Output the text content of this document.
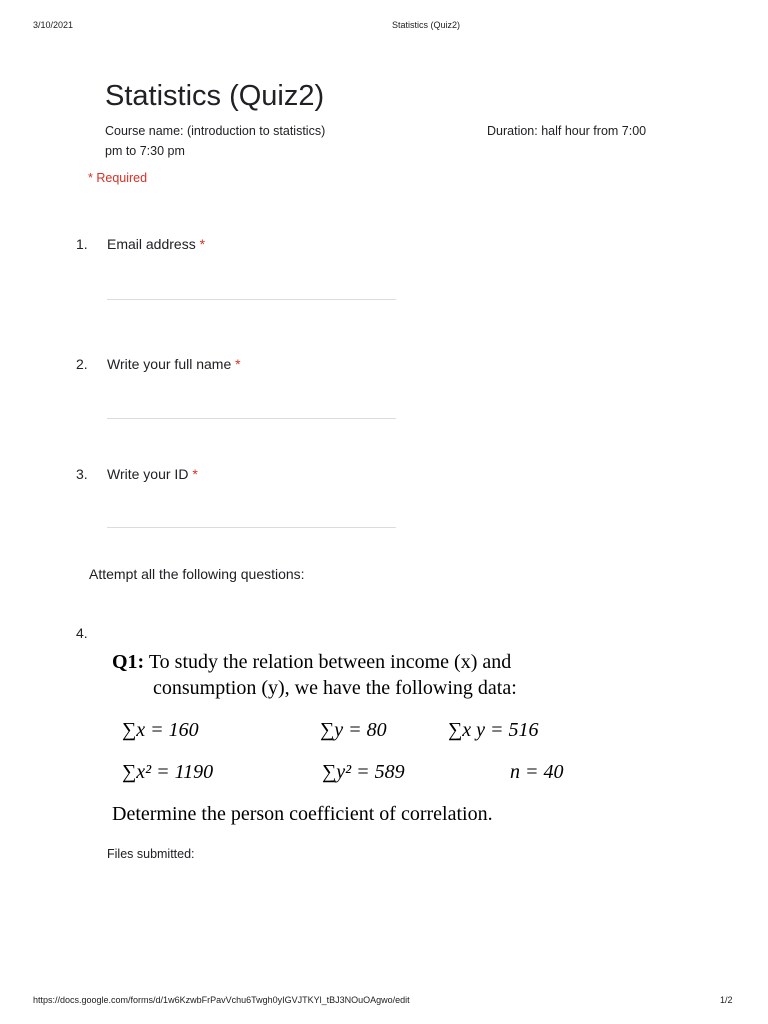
3/10/2021	Statistics (Quiz2)
Statistics (Quiz2)
Course name: (introduction to statistics)	Duration: half hour from 7:00
pm to 7:30 pm
* Required
1. Email address *
2. Write your full name *
3. Write your ID *
Attempt all the following questions:
4.
Q1: To study the relation between income (x) and
consumption (y), we have the following data:
∑x = 160	∑y = 80	∑x y = 516
∑x² = 1190	∑y² = 589	n = 40
Determine the person coefficient of correlation.
Files submitted:
https://docs.google.com/forms/d/1w6KzwbFrPavVchu6Twgh0yIGVJTKYl_tBJ3NOuOAgwo/edit	1/2
